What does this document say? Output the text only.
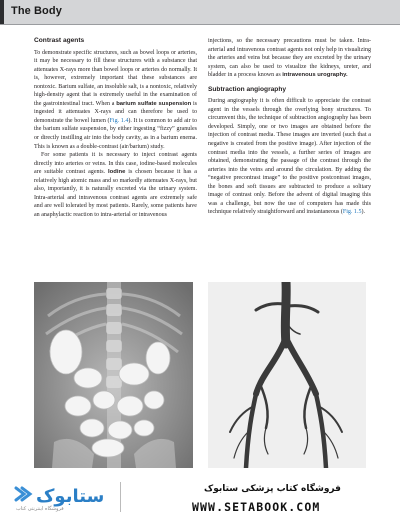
The Body
Contrast agents

To demonstrate specific structures, such as bowel loops or arteries, it may be necessary to fill these structures with a substance that attenuates X-rays more than bowel loops or arteries do normally. It is, however, extremely important that these substances are nontoxic. Barium sulfate, an insoluble salt, is a nontoxic, relatively high-density agent that is extremely useful in the examination of the gastrointestinal tract. When a barium sulfate suspension is ingested it attenuates X-rays and can therefore be used to demonstrate the bowel lumen (Fig. 1.4). It is common to add air to the barium sulfate suspension, by either ingesting “fizzy” granules or directly instilling air into the body cavity, as in a barium enema. This is known as a double-contrast (air/barium) study.

For some patients it is necessary to inject contrast agents directly into arteries or veins. In this case, iodine-based molecules are suitable contrast agents. Iodine is chosen because it has a relatively high atomic mass and so markedly attenuates X-rays, but also, importantly, it is naturally excreted via the urinary system. Intra-arterial and intravenous contrast agents are extremely safe and are well tolerated by most patients. Rarely, some patients have an anaphylactic reaction to intra-arterial or intravenous

injections, so the necessary precautions must be taken. Intra-arterial and intravenous contrast agents not only help in visualizing the arteries and veins but because they are excreted by the urinary system, can also be used to visualize the kidneys, ureter, and bladder in a process known as intravenous urography.

Subtraction angiography

During angiography it is often difficult to appreciate the contrast agent in the vessels through the overlying bony structures. To circumvent this, the technique of subtraction angiography has been developed. Simply, one or two images are obtained before the injection of contrast media. These images are inverted (such that a negative is created from the positive image). After injection of the contrast media into the vessels, a further series of images are obtained, demonstrating the passage of the contrast through the arteries into the veins and around the circulation. By adding the “negative precontrast image” to the positive postcontrast images, the bones and soft tissues are subtracted to produce a solitary image of contrast only. Before the advent of digital imaging this was a challenge, but now the use of computers has made this technique relatively straightforward and instantaneous (Fig. 1.5).

ستابوک
فروشگاه اینترنتی کتاب
فروشگاه کتاب پزشکی ستابوک
WWW.SETABOOK.COM
